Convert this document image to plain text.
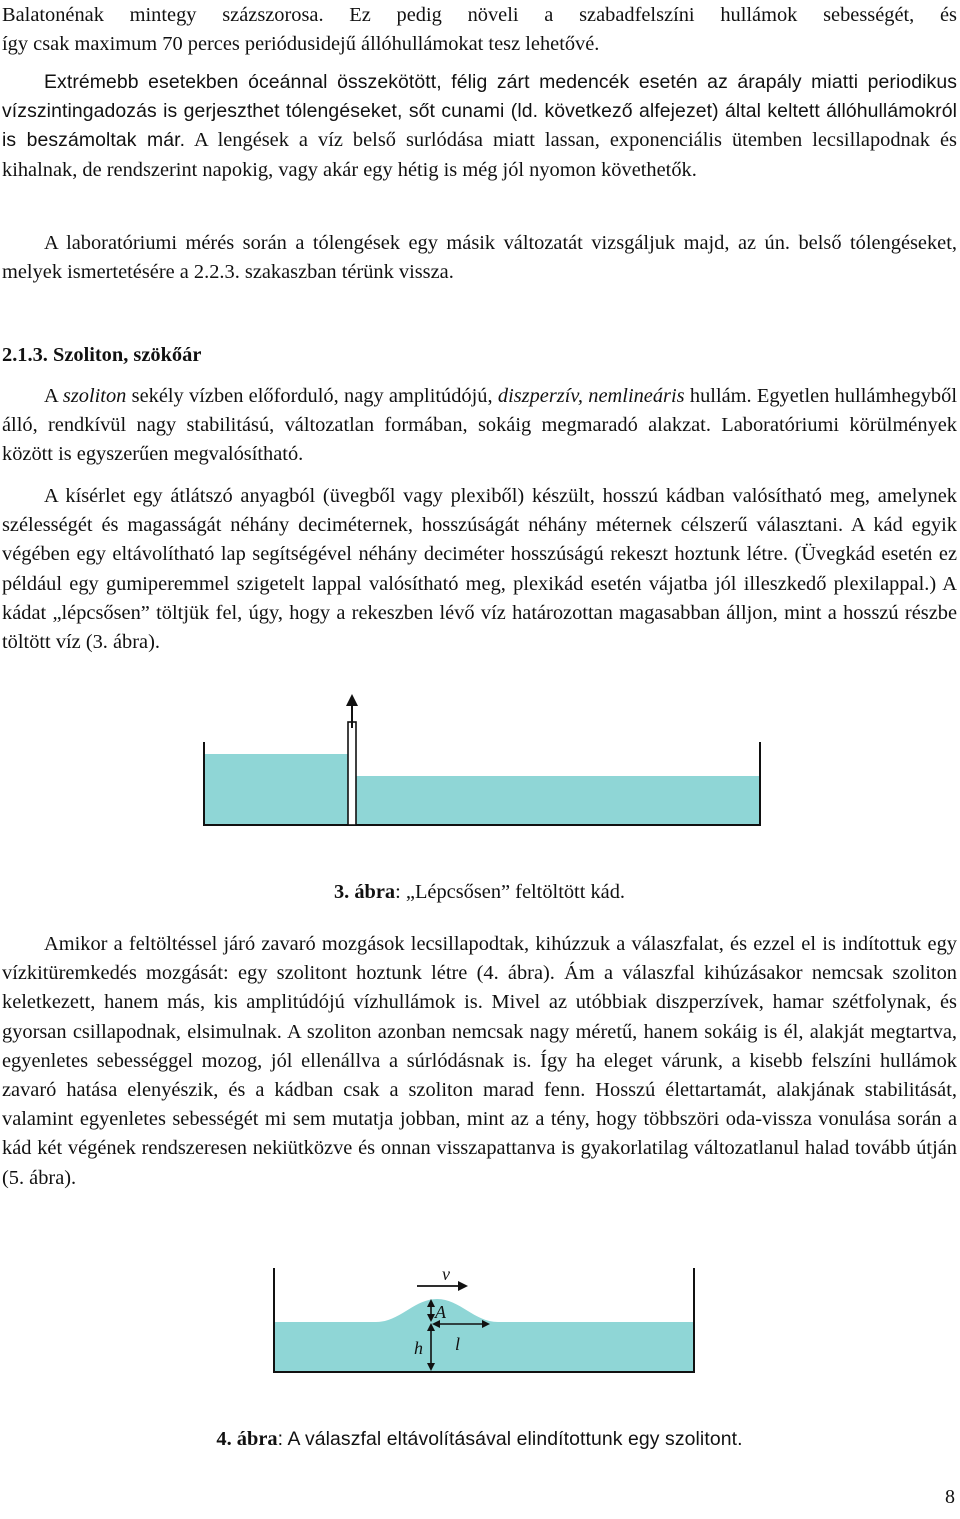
Balatonénak mintegy százszorosa. Ez pedig növeli a szabadfelszíni hullámok sebességét, és

így csak maximum 70 perces periódusidejű állóhullámokat tesz lehetővé.

Extrémebb esetekben óceánnal összekötött, félig zárt medencék esetén az árapály miatti periodikus vízszintingadozás is gerjeszthet tólengéseket, sőt cunami (ld. következő alfejezet) által keltett állóhullámokról is beszámoltak már. A lengések a víz belső surlódása miatt lassan, exponenciális ütemben lecsillapodnak és kihalnak, de rendszerint napokig, vagy akár egy hétig is még jól nyomon követhetők.

A laboratóriumi mérés során a tólengések egy másik változatát vizsgáljuk majd, az ún. belső tólengéseket, melyek ismertetésére a 2.2.3. szakaszban térünk vissza.

2.1.3. Szoliton, szökőár

A szoliton sekély vízben előforduló, nagy amplitúdójú, diszperzív, nemlineáris hullám. Egyetlen hullámhegyből álló, rendkívül nagy stabilitású, változatlan formában, sokáig megmaradó alakzat. Laboratóriumi körülmények között is egyszerűen megvalósítható.

A kísérlet egy átlátszó anyagból (üvegből vagy plexiből) készült, hosszú kádban valósítható meg, amelynek szélességét és magasságát néhány deciméternek, hosszúságát néhány méternek célszerű választani. A kád egyik végében egy eltávolítható lap segítségével néhány deciméter hosszúságú rekeszt hoztunk létre. (Üvegkád esetén ez például egy gumiperemmel szigetelt lappal valósítható meg, plexikád esetén vájatba jól illeszkedő plexilappal.) A kádat „lépcsősen” töltjük fel, úgy, hogy a rekeszben lévő víz határozottan magasabban álljon, mint a hosszú részbe töltött víz (3. ábra).

3. ábra: „Lépcsősen” feltöltött kád.

Amikor a feltöltéssel járó zavaró mozgások lecsillapodtak, kihúzzuk a válaszfalat, és ezzel el is indítottuk egy vízkitüremkedés mozgását: egy szolitont hoztunk létre (4. ábra). Ám a válaszfal kihúzásakor nemcsak szoliton keletkezett, hanem más, kis amplitúdójú vízhullámok is. Mivel az utóbbiak diszperzívek, hamar szétfolynak, és gyorsan csillapodnak, elsimulnak. A szoliton azonban nemcsak nagy méretű, hanem sokáig is él, alakját megtartva, egyenletes sebességgel mozog, jól ellenállva a súrlódásnak is. Így ha eleget várunk, a kisebb felszíni hullámok zavaró hatása elenyészik, és a kádban csak a szoliton marad fenn. Hosszú élettartamát, alakjának stabilitását, valamint egyenletes sebességét mi sem mutatja jobban, mint az a tény, hogy többszöri oda-vissza vonulása során a kád két végének rendszeresen nekiütközve és onnan visszapattanva is gyakorlatilag változatlanul halad tovább útján (5. ábra).

v
A
h l
4. ábra: A válaszfal eltávolításával elindítottunk egy szolitont.
8
